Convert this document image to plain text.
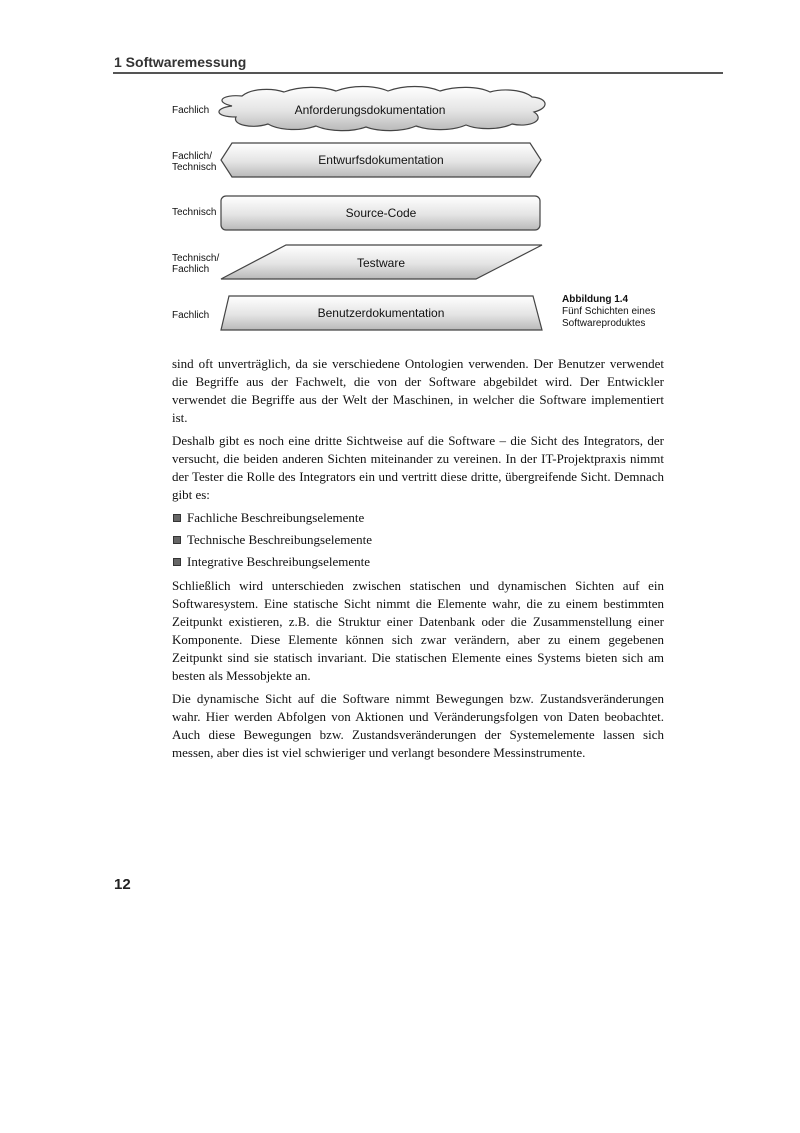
1 Softwaremessung
Fachlich	Anforderungsdokumentation
Fachlich/
Technisch
Entwurfsdokumentation
Technisch	Source-Code
Technisch/
Fachlich	Testware
Fachlich	Benutzerdokumentation
Abbildung 1.4
Fünf Schichten eines Softwareproduktes

sind oft unverträglich, da sie verschiedene Ontologien verwenden. Der Benutzer verwendet die Begriffe aus der Fachwelt, die von der Software abgebildet wird. Der Entwickler verwendet die Begriffe aus der Welt der Maschinen, in welcher die Software implementiert ist.

Deshalb gibt es noch eine dritte Sichtweise auf die Software – die Sicht des Integrators, der versucht, die beiden anderen Sichten miteinander zu vereinen. In der IT-Projektpraxis nimmt der Tester die Rolle des Integrators ein und vertritt diese dritte, übergreifende Sicht. Demnach gibt es:

Fachliche Beschreibungselemente
Technische Beschreibungselemente
Integrative Beschreibungselemente

Schließlich wird unterschieden zwischen statischen und dynamischen Sichten auf ein Softwaresystem. Eine statische Sicht nimmt die Elemente wahr, die zu einem bestimmten Zeitpunkt existieren, z.B. die Struktur einer Datenbank oder die Zusammenstellung einer Komponente. Diese Elemente können sich zwar verändern, aber zu einem gegebenen Zeitpunkt sind sie statisch invariant. Die statischen Elemente eines Systems bieten sich am besten als Messobjekte an.

Die dynamische Sicht auf die Software nimmt Bewegungen bzw. Zustandsveränderungen wahr. Hier werden Abfolgen von Aktionen und Veränderungsfolgen von Daten beobachtet. Auch diese Bewegungen bzw. Zustandsveränderungen der Systemelemente lassen sich messen, aber dies ist viel schwieriger und verlangt besondere Messinstrumente.

12
